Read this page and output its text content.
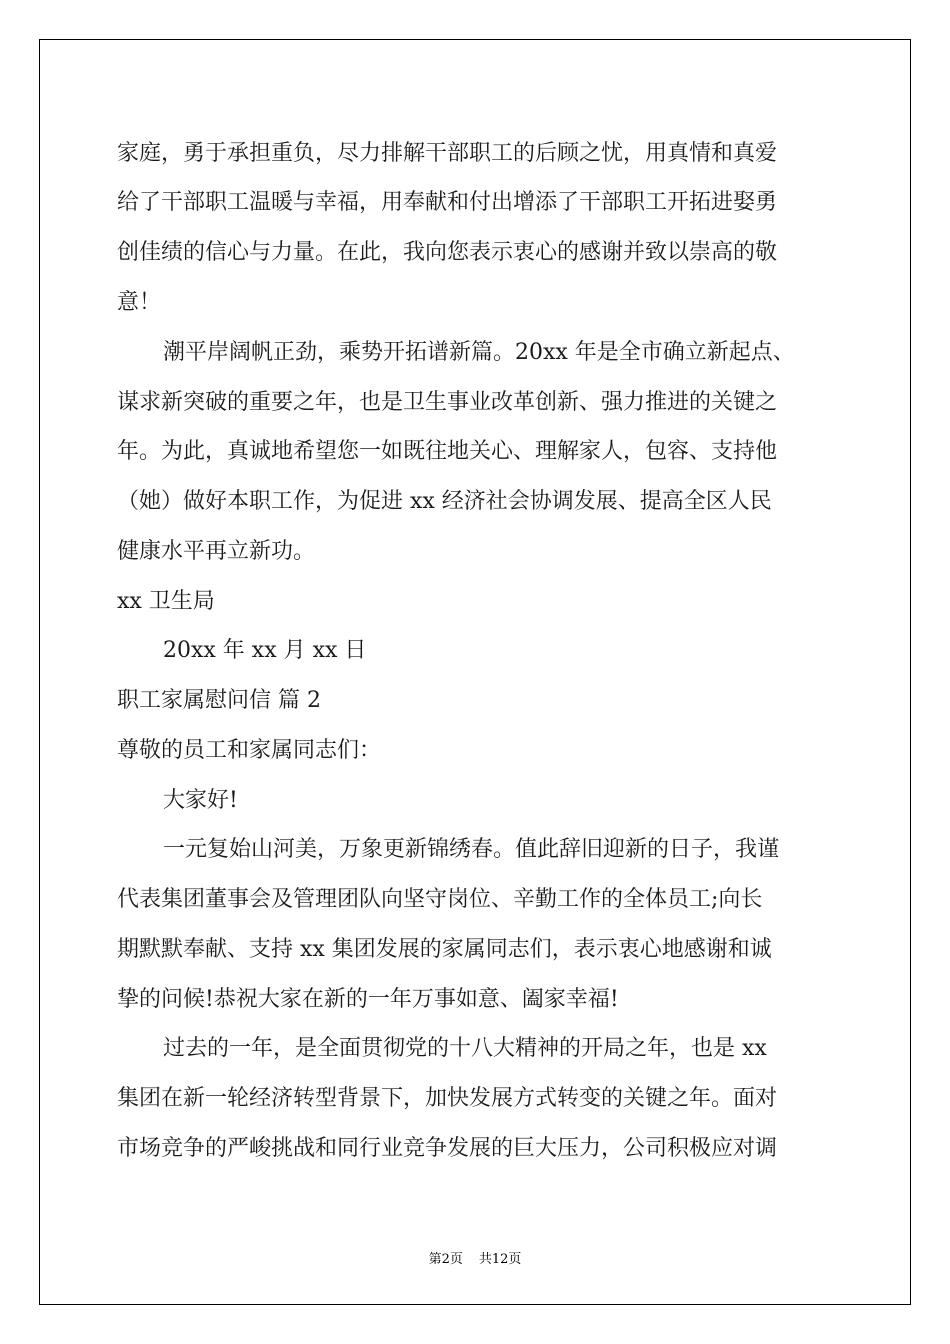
家庭，勇于承担重负，尽力排解干部职工的后顾之忧，用真情和真爱

给了干部职工温暖与幸福，用奉献和付出增添了干部职工开拓进娶勇

创佳绩的信心与力量。在此，我向您表示衷心的感谢并致以崇高的敬

意！

潮平岸阔帆正劲，乘势开拓谱新篇。20xx 年是全市确立新起点、

谋求新突破的重要之年，也是卫生事业改革创新、强力推进的关键之

年。为此，真诚地希望您一如既往地关心、理解家人，包容、支持他

（她）做好本职工作，为促进 xx 经济社会协调发展、提高全区人民

健康水平再立新功。

xx 卫生局

20xx 年 xx 月 xx 日

职工家属慰问信 篇 2

尊敬的员工和家属同志们：

大家好!

一元复始山河美，万象更新锦绣春。值此辞旧迎新的日子，我谨

代表集团董事会及管理团队向坚守岗位、辛勤工作的全体员工;向长

期默默奉献、支持 xx 集团发展的家属同志们，表示衷心地感谢和诚

挚的问候!恭祝大家在新的一年万事如意、阖家幸福!

过去的一年，是全面贯彻党的十八大精神的开局之年，也是 xx

集团在新一轮经济转型背景下，加快发展方式转变的关键之年。面对

市场竞争的严峻挑战和同行业竞争发展的巨大压力，公司积极应对调

第2页 共12页
